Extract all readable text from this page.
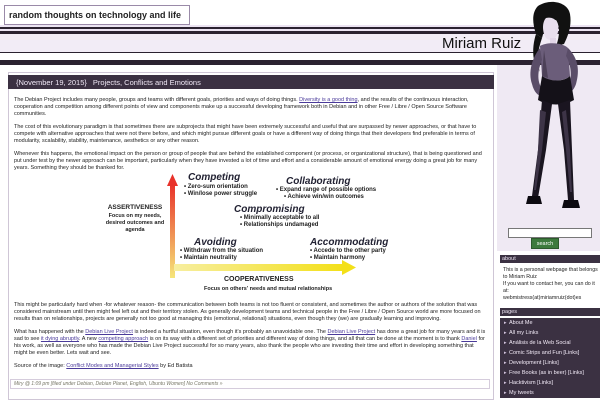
random thoughts on technology and life
Miriam Ruiz
{November 19, 2015} Projects, Conflicts and Emotions

The Debian Project includes many people, groups and teams with different goals, priorities and ways of doing things. Diversity is a good thing, and the results of the continuous interaction, cooperation and competition among different points of view and components make up a successful developing framework both in Debian and in other Free / Libre / Open Source Software communities.

The cost of this evolutionary paradigm is that sometimes there are subprojects that might have been extremely successful and useful that are surpassed by newer approaches, or that have to compete with alternative approaches that were not there before, and which might pursue different goals or have a different way of doing things that their developers find preferable in terms of modularity, scalability, stability, maintenance, aesthetics or any other reason.

Whenever this happens, the emotional impact on the person or group of people that are behind the established component (or process, or organizational structure), that is being questioned and put under test by the newer approach can be important, particularly when they have invested a lot of time and effort and a considerable amount of emotional energy doing a great job for many years. Something they should be thanked for.

Competing
• Zero-sum orientation
• Win/lose power struggle
Collaborating
• Expand range of possible options
• Achieve win/win outcomes
Compromising
• Minimally acceptable to all
• Relationships undamaged
Avoiding
• Withdraw from the situation
• Maintain neutrality
Accommodating
• Accede to the other party
• Maintain harmony
ASSERTIVENESS
Focus on my needs, desired outcomes and agenda
COOPERATIVENESS
Focus on others' needs and mutual relationships

This might be particularly hard when -for whatever reason- the communication between both teams is not too fluent or consistent, and sometimes the author or authors of the solution that was considered mainstream until then might feel left out and their territory stolen. As generally development teams and technical people in the Free / Libre / Open Source world are more focused on results than on relationships, projects are generally not too good at managing this (emotional, relational) situations, even though they (we) are gradually learning and improving.

What has happened with the Debian Live Project is indeed a hurtful situation, even though it's probably an unavoidable one. The Debian Live Project has done a great job for many years and it is sad to see it dying abruptly. A new competing approach is on its way with a different set of priorities and different way of doing things, and all that can be done at the moment is to thank Daniel for his work, as well as everyone who has made the Debian Live Project successful for so many years, also thank the people who are investing their time and effort in developing something that might be even better. Lets wait and see.

Source of the image: Conflict Modes and Managerial Styles by Ed Batista

Miry @ 1:09 pm [filed under Debian, Debian Planet, English, Ubuntu Women] No Comments »
search
about
This is a personal webpage that belongs to Miriam Ruiz
If you want to contact her, you can do it at:
webmistress(at)miriamruiz(dot)es
pages
▸ About Me
▸ All my Links
▸ Análisis de la Web Social
▸ Comic Strips and Fun [Links]
▸ Development [Links]
▸ Free Books (as in beer) [Links]
▸ Hacktivism [Links]
▸ My tweets
